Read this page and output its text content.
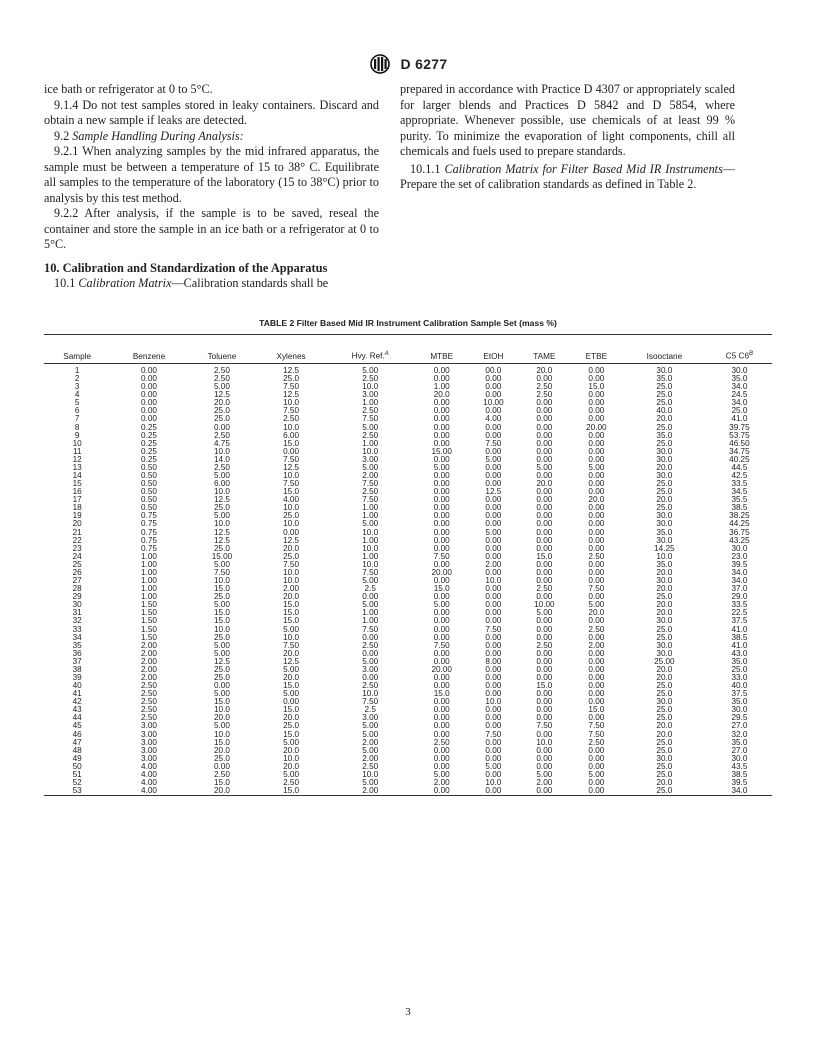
D 6277

ice bath or refrigerator at 0 to 5°C.

9.1.4 Do not test samples stored in leaky containers. Discard and obtain a new sample if leaks are detected.

9.2 Sample Handling During Analysis:

9.2.1 When analyzing samples by the mid infrared apparatus, the sample must be between a temperature of 15 to 38° C. Equilibrate all samples to the temperature of the laboratory (15 to 38°C) prior to analysis by this test method.

9.2.2 After analysis, if the sample is to be saved, reseal the container and store the sample in an ice bath or a refrigerator at 0 to 5°C.

10. Calibration and Standardization of the Apparatus

10.1 Calibration Matrix—Calibration standards shall be

prepared in accordance with Practice D 4307 or appropriately scaled for larger blends and Practices D 5842 and D 5854, where appropriate. Whenever possible, use chemicals of at least 99 % purity. To minimize the evaporation of light components, chill all chemicals and fuels used to prepare standards.

10.1.1 Calibration Matrix for Filter Based Mid IR Instruments—Prepare the set of calibration standards as defined in Table 2.

TABLE 2 Filter Based Mid IR Instrument Calibration Sample Set (mass %)
Sample	Benzene	Toluene	Xylenes	Hvy. Ref.$^A$	MTBE	EtOH	TAME	ETBE	Isooctane	C5 $C6^B$
1	0.00	2.50	12.5	5.00	0.00	00.0	20.0	0.00	30.0	30.0
2	0.00	2.50	25.0	2.50	0.00	0.00	0.00	0.00	35.0	35.0
3	0.00	5.00	7.50	10.0	1.00	0.00	2.50	15.0	25.0	34.0
4	0.00	12.5	12.5	3.00	20.0	0.00	2.50	0.00	25.0	24.5
5	0.00	20.0	10.0	1.00	0.00	10.00	0.00	0.00	25.0	34.0
6	0.00	25.0	7.50	2.50	0.00	0.00	0.00	0.00	40.0	25.0
7	0.00	25.0	2.50	7.50	0.00	4.00	0.00	0.00	20.0	41.0
8	0.25	0.00	10.0	5.00	0.00	0.00	0.00	20.00	25.0	39.75
9	0.25	2.50	6.00	2.50	0.00	0.00	0.00	0.00	35.0	53.75
10	0.25	4.75	15.0	1.00	0.00	7.50	0.00	0.00	25.0	46.50
11	0.25	10.0	0.00	10.0	15.00	0.00	0.00	0.00	30.0	34.75
12	0.25	14.0	7.50	3.00	0.00	5.00	0.00	0.00	30.0	40.25
13	0.50	2.50	12.5	5.00	5.00	0.00	5.00	5.00	20.0	44.5
14	0.50	5.00	10.0	2.00	0.00	0.00	0.00	0.00	30.0	42.5
15	0.50	6.00	7.50	7.50	0.00	0.00	20.0	0.00	25.0	33.5
16	0.50	10.0	15.0	2.50	0.00	12.5	0.00	0.00	25.0	34.5
17	0.50	12.5	4.00	7.50	0.00	0.00	0.00	20.0	20.0	35.5
18	0.50	25.0	10.0	1.00	0.00	0.00	0.00	0.00	25.0	38.5
19	0.75	5.00	25.0	1.00	0.00	0.00	0.00	0.00	30.0	38.25
20	0.75	10.0	10.0	5.00	0.00	0.00	0.00	0.00	30.0	44.25
21	0.75	12.5	0.00	10.0	0.00	5.00	0.00	0.00	35.0	36.75
22	0.75	12.5	12.5	1.00	0.00	0.00	0.00	0.00	30.0	43.25
23	0.75	25.0	20.0	10.0	0.00	0.00	0.00	0.00	14.25	30.0
24	1.00	15.00	25.0	1.00	7.50	0.00	15.0	2.50	10.0	23.0
25	1.00	5.00	7.50	10.0	0.00	2.00	0.00	0.00	35.0	39.5
26	1.00	7.50	10.0	7.50	20.00	0.00	0.00	0.00	20.0	34.0
27	1.00	10.0	10.0	5.00	0.00	10.0	0.00	0.00	30.0	34.0
28	1.00	15.0	2.00	2.5	15.0	0.00	2.50	7.50	20.0	37.0
29	1.00	25.0	20.0	0.00	0.00	0.00	0.00	0.00	25.0	29.0
30	1.50	5.00	15.0	5.00	5.00	0.00	10.00	5.00	20.0	33.5
31	1.50	15.0	15.0	1.00	0.00	0.00	5.00	20.0	20.0	22.5
32	1.50	15.0	15.0	1.00	0.00	0.00	0.00	0.00	30.0	37.5
33	1.50	10.0	5.00	7.50	0.00	7.50	0.00	2.50	25.0	41.0
34	1.50	25.0	10.0	0.00	0.00	0.00	0.00	0.00	25.0	38.5
35	2.00	5.00	7.50	2.50	7.50	0.00	2.50	2.00	30.0	41.0
36	2.00	5.00	20.0	0.00	0.00	0.00	0.00	0.00	30.0	43.0
37	2.00	12.5	12.5	5.00	0.00	8.00	0.00	0.00	25.00	35.0
38	2.00	25.0	5.00	3.00	20.00	0.00	0.00	0.00	20.0	25.0
39	2.00	25.0	20.0	0.00	0.00	0.00	0.00	0.00	20.0	33.0
40	2.50	0.00	15.0	2.50	0.00	0.00	15.0	0.00	25.0	40.0
41	2.50	5.00	5.00	10.0	15.0	0.00	0.00	0.00	25.0	37.5
42	2.50	15.0	0.00	7.50	0.00	10.0	0.00	0.00	30.0	35.0
43	2.50	10.0	15.0	2.5	0.00	0.00	0.00	15.0	25.0	30.0
44	2.50	20.0	20.0	3.00	0.00	0.00	0.00	0.00	25.0	29.5
45	3.00	5.00	25.0	5.00	0.00	0.00	7.50	7.50	20.0	27.0
46	3.00	10.0	15.0	5.00	0.00	7.50	0.00	7.50	20.0	32.0
47	3.00	15.0	5.00	2.00	2.50	0.00	10.0	2.50	25.0	35.0
48	3.00	20.0	20.0	5.00	0.00	0.00	0.00	0.00	25.0	27.0
49	3.00	25.0	10.0	2.00	0.00	0.00	0.00	0.00	30.0	30.0
50	4.00	0.00	20.0	2.50	0.00	5.00	0.00	0.00	25.0	43.5
51	4.00	2.50	5.00	10.0	5.00	0.00	5.00	5.00	25.0	38.5
52	4.00	15.0	2.50	5.00	2.00	10.0	2.00	0.00	20.0	39.5
53	4.00	20.0	15.0	2.00	0.00	0.00	0.00	0.00	25.0	34.0

3
